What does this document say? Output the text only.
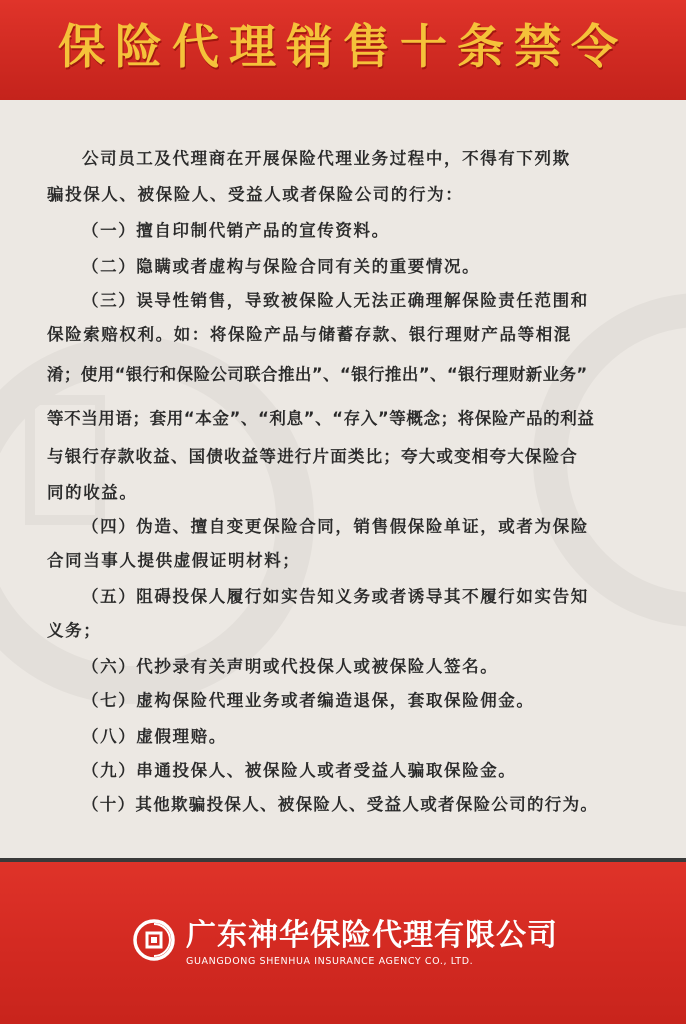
保险代理销售十条禁令
公司员工及代理商在开展保险代理业务过程中，不得有下列欺
骗投保人、被保险人、受益人或者保险公司的行为：
（一）擅自印制代销产品的宣传资料。
（二）隐瞒或者虚构与保险合同有关的重要情况。
（三）误导性销售，导致被保险人无法正确理解保险责任范围和
保险索赔权利。如：将保险产品与储蓄存款、银行理财产品等相混
淆；使用“银行和保险公司联合推出”、“银行推出”、“银行理财新业务”
等不当用语；套用“本金”、“利息”、“存入”等概念；将保险产品的利益
与银行存款收益、国债收益等进行片面类比；夸大或变相夸大保险合
同的收益。
（四）伪造、擅自变更保险合同，销售假保险单证，或者为保险
合同当事人提供虚假证明材料；
（五）阻碍投保人履行如实告知义务或者诱导其不履行如实告知
义务；
（六）代抄录有关声明或代投保人或被保险人签名。
（七）虚构保险代理业务或者编造退保，套取保险佣金。
（八）虚假理赔。
（九）串通投保人、被保险人或者受益人骗取保险金。
（十）其他欺骗投保人、被保险人、受益人或者保险公司的行为。
广东神华保险代理有限公司
GUANGDONG SHENHUA INSURANCE AGENCY CO., LTD.
